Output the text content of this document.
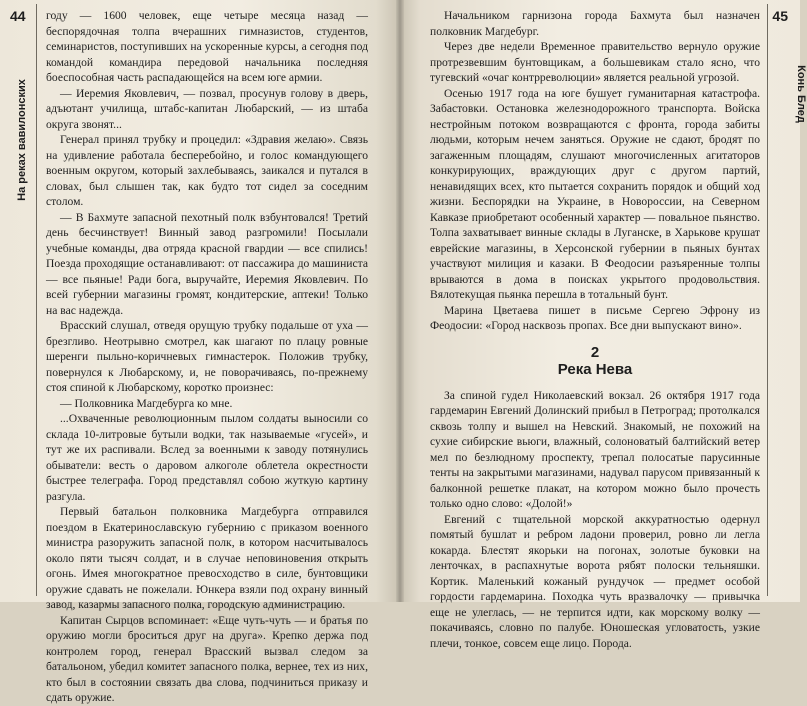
44
На реках вавилонских

году — 1600 человек, еще четыре месяца назад — беспорядочная толпа вчерашних гимназистов, студентов, семинаристов, поступивших на ускоренные курсы, а сегодня под командой командира передовой начальника последняя боеспособная часть распадающейся на всем юге армии.

— Иеремия Яковлевич, — позвал, просунув голову в дверь, адъютант училища, штабс-капитан Любарский, — из штаба округа звонят...

Генерал принял трубку и процедил: «Здравия желаю». Связь на удивление работала бесперебойно, и голос командующего военным округом, который захлебываясь, заикался и путался в словах, был слышен так, как будто тот сидел за соседним столом.

— В Бахмуте запасной пехотный полк взбунтовался! Третий день бесчинствует! Винный завод разгромили! Посылали учебные команды, два отряда красной гвардии — все спились! Поезда проходящие останавливают: от пассажира до машиниста — все пьяные! Ради бога, выручайте, Иеремия Яковлевич. По всей губернии магазины громят, кондитерские, аптеки! Только на вас надежда.

Врасский слушал, отведя орущую трубку подальше от уха — брезгливо. Неотрывно смотрел, как шагают по плацу ровные шеренги пыльно-коричневых гимнастерок. Положив трубку, повернулся к Любарскому, и, не поворачиваясь, по-прежнему стоя спиной к Любарскому, коротко произнес:

— Полковника Магдебурга ко мне.

...Охваченные революционным пылом солдаты выносили со склада 10-литровые бутыли водки, так называемые «гусей», и тут же их распивали. Вслед за военными к заводу потянулись обыватели: весть о даровом алкоголе облетела окрестности быстрее телеграфа. Город представлял собою жуткую картину разгула.

Первый батальон полковника Магдебурга отправился поездом в Екатеринославскую губернию с приказом военного министра разоружить запасной полк, в котором насчитывалось около пяти тысяч солдат, и в случае неповиновения открыть огонь. Имея многократное превосходство в силе, бунтовщики оружие сдавать не пожелали. Юнкера взяли под охрану винный завод, казармы запасного полка, городскую администрацию.

Капитан Сырцов вспоминает: «Еще чуть-чуть — и братья по оружию могли броситься друг на друга». Крепко держа под контролем город, генерал Врасский вызвал следом за батальоном, убедил комитет запасного полка, вернее, тех из них, кто был в состоянии связать два слова, подчиниться приказу и сдать оружие.

45
Конь Блед

Начальником гарнизона города Бахмута был назначен полковник Магдебург.

Через две недели Временное правительство вернуло оружие протрезвевшим бунтовщикам, а большевикам стало ясно, что тугевский «очаг контрреволюции» является реальной угрозой.

Осенью 1917 года на юге бушует гуманитарная катастрофа. Забастовки. Остановка железнодорожного транспорта. Войска нестройным потоком возвращаются с фронта, города забиты людьми, которым нечем заняться. Оружие не сдают, бродят по загаженным площадям, слушают многочисленных агитаторов конкурирующих, враждующих друг с другом партий, ненавидящих всех, кто пытается сохранить порядок и общий ход жизни. Беспорядки на Украине, в Новороссии, на Северном Кавказе приобретают особенный характер — повальное пьянство. Толпа захватывает винные склады в Луганске, в Харькове крушат еврейские магазины, в Херсонской губернии в пьяных бунтах участвуют милиция и казаки. В Феодосии разъяренные толпы врываются в дома в поисках укрытого продовольствия. Вялотекущая пьянка перешла в тотальный бунт.

Марина Цветаева пишет в письме Сергею Эфрону из Феодосии: «Город насквозь пропах. Все дни выпускают вино».

2
Река Нева

За спиной гудел Николаевский вокзал. 26 октября 1917 года гардемарин Евгений Долинский прибыл в Петроград; протолкался сквозь толпу и вышел на Невский. Знакомый, не похожий на сухие сибирские вьюги, влажный, солоноватый балтийский ветер мел по безлюдному проспекту, трепал полосатые парусинные тенты на закрытыми магазинами, надувал парусом привязанный к балконной решетке плакат, на котором можно было прочесть только одно слово: «Долой!»

Евгений с тщательной морской аккуратностью одернул помятый бушлат и ребром ладони проверил, ровно ли легла кокарда. Блестят якорьки на погонах, золотые буковки на ленточках, в распахнутые ворота рябят полоски тельняшки. Кортик. Маленький кожаный рундучок — предмет особой гордости гардемарина. Походка чуть вразвалочку — привычка еще не улеглась, — не терпится идти, как морскому волку — покачиваясь, словно по палубе. Юношеская угловатость, узкие плечи, тонкое, совсем еще лицо. Порода.
